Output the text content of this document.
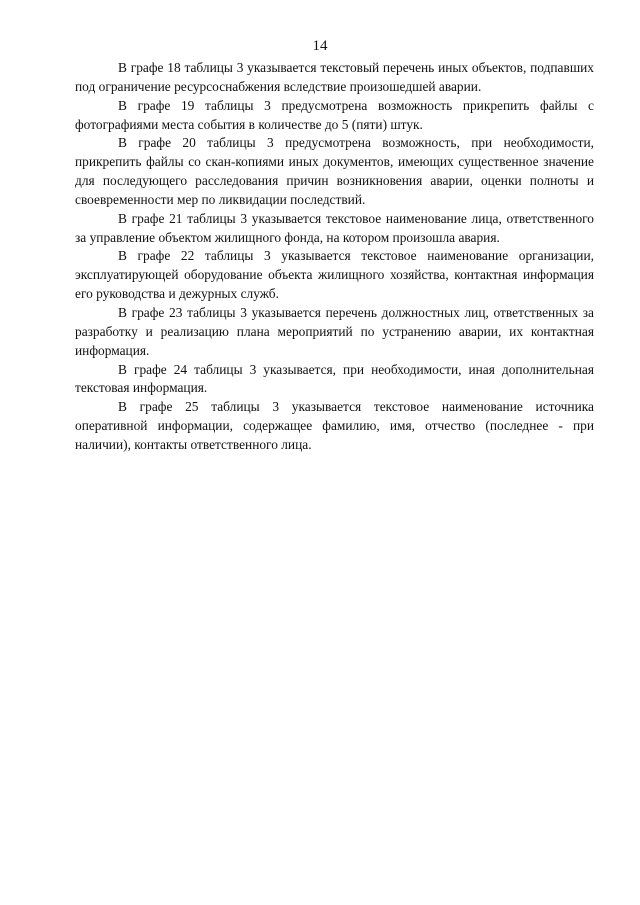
14

В графе 18 таблицы 3 указывается текстовый перечень иных объектов, подпавших под ограничение ресурсоснабжения вследствие произошедшей аварии.

В графе 19 таблицы 3 предусмотрена возможность прикрепить файлы с фотографиями места события в количестве до 5 (пяти) штук.

В графе 20 таблицы 3 предусмотрена возможность, при необходимости, прикрепить файлы со скан-копиями иных документов, имеющих существенное значение для последующего расследования причин возникновения аварии, оценки полноты и своевременности мер по ликвидации последствий.

В графе 21 таблицы 3 указывается текстовое наименование лица, ответственного за управление объектом жилищного фонда, на котором произошла авария.

В графе 22 таблицы 3 указывается текстовое наименование организации, эксплуатирующей оборудование объекта жилищного хозяйства, контактная информация его руководства и дежурных служб.

В графе 23 таблицы 3 указывается перечень должностных лиц, ответственных за разработку и реализацию плана мероприятий по устранению аварии, их контактная информация.

В графе 24 таблицы 3 указывается, при необходимости, иная дополнительная текстовая информация.

В графе 25 таблицы 3 указывается текстовое наименование источника оперативной информации, содержащее фамилию, имя, отчество (последнее - при наличии), контакты ответственного лица.
